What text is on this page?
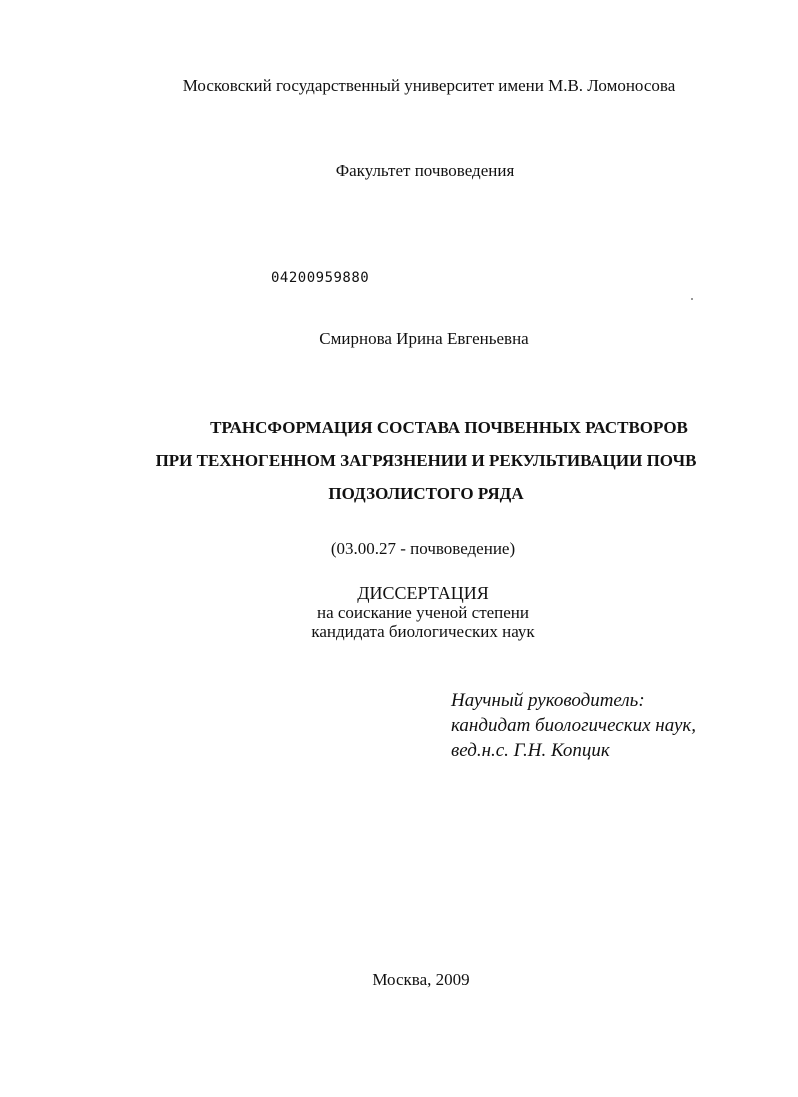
Московский государственный университет имени М.В. Ломоносова
Факультет почвоведения
04200959880
Смирнова Ирина Евгеньевна
ТРАНСФОРМАЦИЯ СОСТАВА ПОЧВЕННЫХ РАСТВОРОВ
ПРИ ТЕХНОГЕННОМ ЗАГРЯЗНЕНИИ И РЕКУЛЬТИВАЦИИ ПОЧВ
ПОДЗОЛИСТОГО РЯДА
(03.00.27 - почвоведение)
ДИССЕРТАЦИЯ
на соискание ученой степени
кандидата биологических наук
Научный руководитель:
кандидат биологических наук,
вед.н.с. Г.Н. Копцик
Москва, 2009
